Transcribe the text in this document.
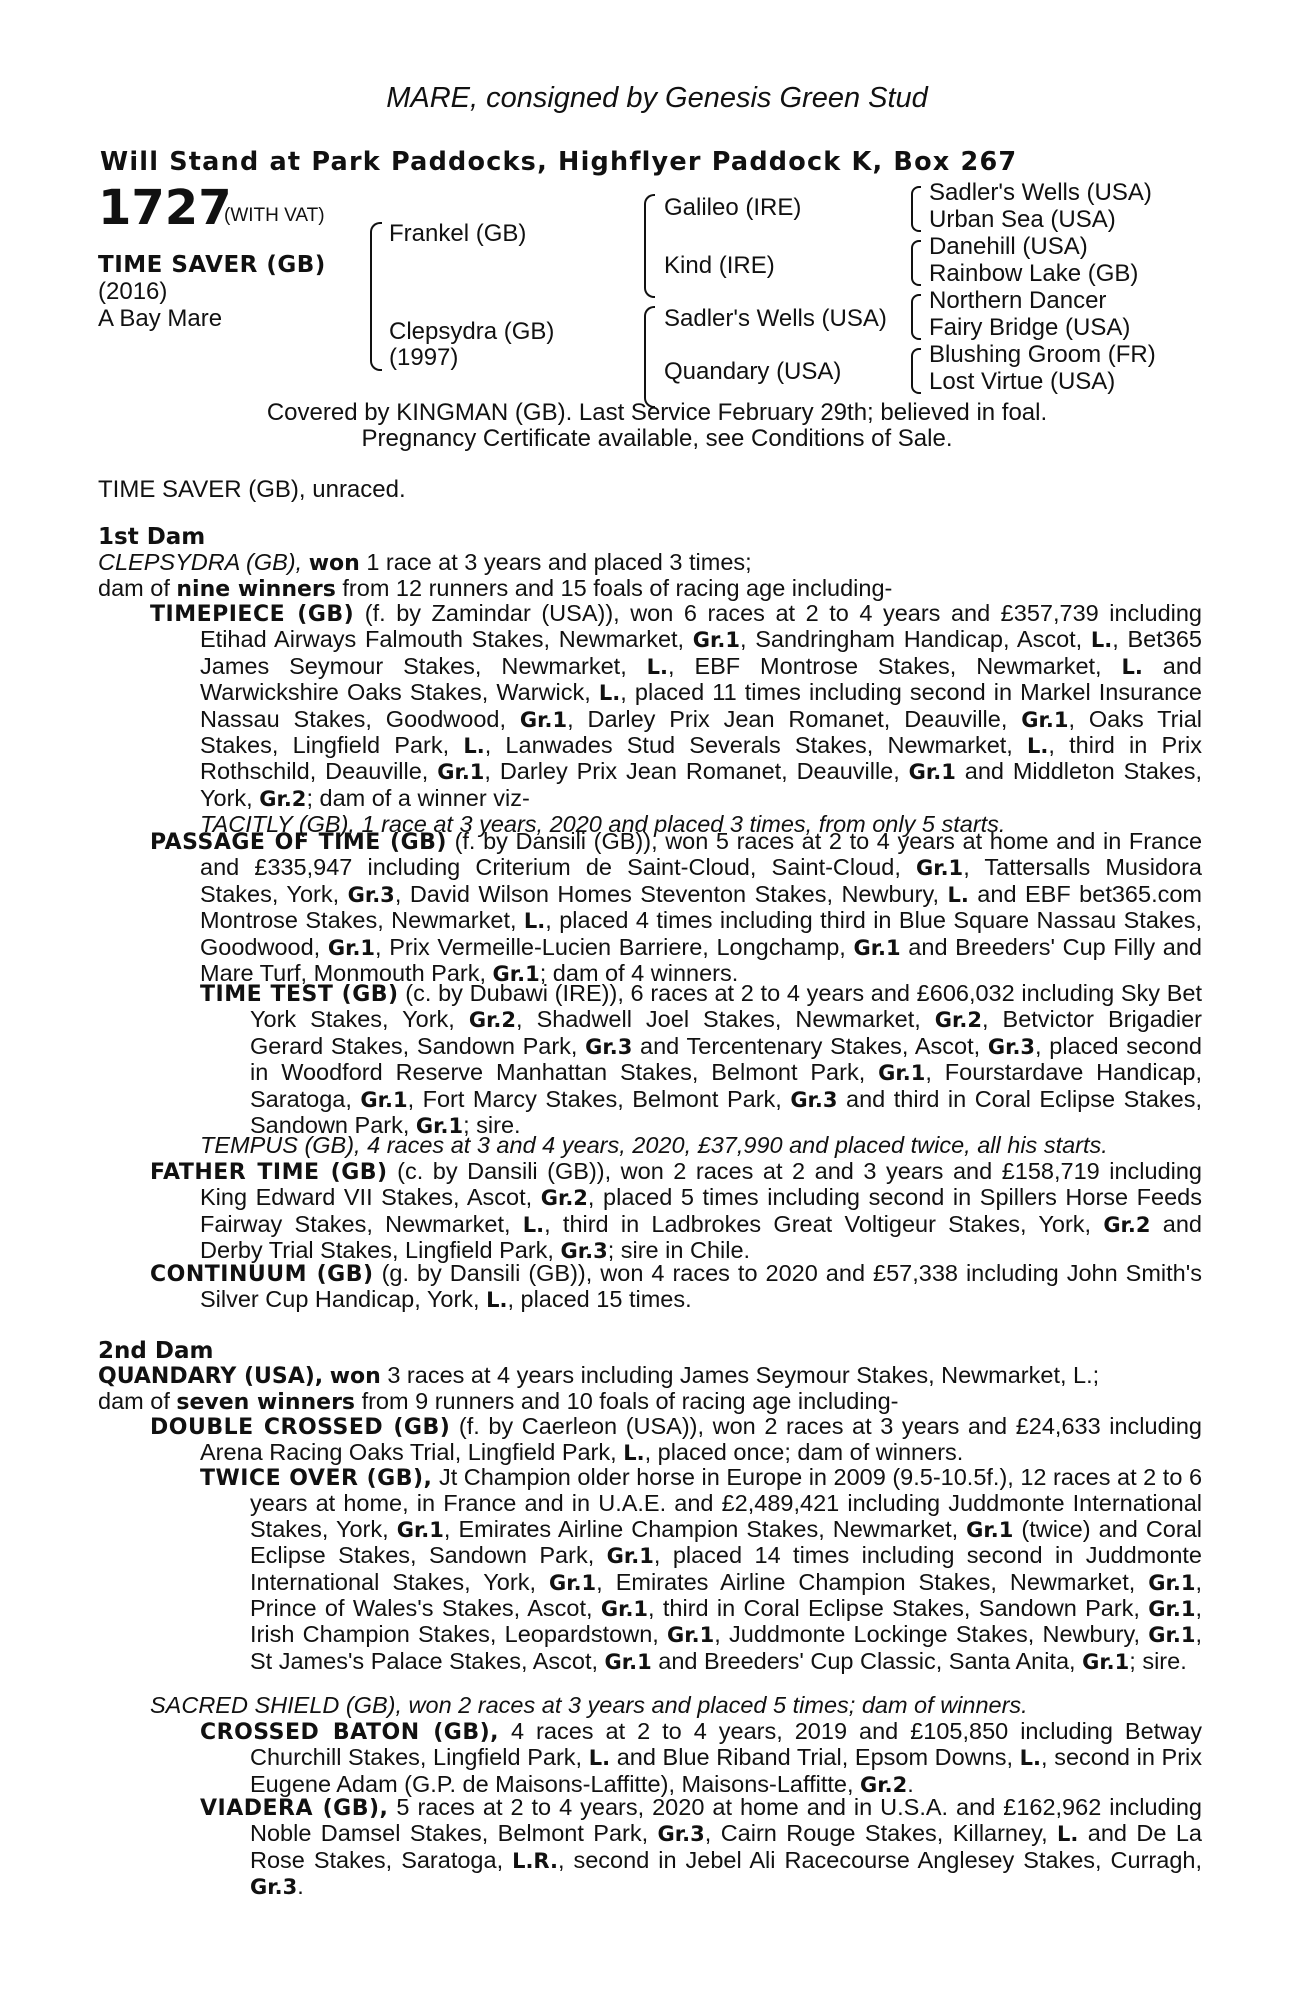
MARE, consigned by Genesis Green Stud
Will Stand at Park Paddocks, Highflyer Paddock K, Box 267
1727
(WITH VAT)
TIME SAVER (GB)
(2016)
A Bay Mare
Frankel (GB)
Clepsydra (GB)
(1997)
Galileo (IRE)
Kind (IRE)
Sadler's Wells (USA)
Quandary (USA)
Sadler's Wells (USA)
Urban Sea (USA)
Danehill (USA)
Rainbow Lake (GB)
Northern Dancer
Fairy Bridge (USA)
Blushing Groom (FR)
Lost Virtue (USA)
Covered by KINGMAN (GB). Last Service February 29th; believed in foal.
Pregnancy Certificate available, see Conditions of Sale.
TIME SAVER (GB), unraced.
1st Dam
CLEPSYDRA (GB), won 1 race at 3 years and placed 3 times;
dam of nine winners from 12 runners and 15 foals of racing age including-
TIMEPIECE (GB) (f. by Zamindar (USA)), won 6 races at 2 to 4 years and £357,739 including Etihad Airways Falmouth Stakes, Newmarket, Gr.1, Sandringham Handicap, Ascot, L., Bet365 James Seymour Stakes, Newmarket, L., EBF Montrose Stakes, Newmarket, L. and Warwickshire Oaks Stakes, Warwick, L., placed 11 times including second in Markel Insurance Nassau Stakes, Goodwood, Gr.1, Darley Prix Jean Romanet, Deauville, Gr.1, Oaks Trial Stakes, Lingfield Park, L., Lanwades Stud Severals Stakes, Newmarket, L., third in Prix Rothschild, Deauville, Gr.1, Darley Prix Jean Romanet, Deauville, Gr.1 and Middleton Stakes, York, Gr.2; dam of a winner viz-
TACITLY (GB), 1 race at 3 years, 2020 and placed 3 times, from only 5 starts.
PASSAGE OF TIME (GB) (f. by Dansili (GB)), won 5 races at 2 to 4 years at home and in France and £335,947 including Criterium de Saint-Cloud, Saint-Cloud, Gr.1, Tattersalls Musidora Stakes, York, Gr.3, David Wilson Homes Steventon Stakes, Newbury, L. and EBF bet365.com Montrose Stakes, Newmarket, L., placed 4 times including third in Blue Square Nassau Stakes, Goodwood, Gr.1, Prix Vermeille-Lucien Barriere, Longchamp, Gr.1 and Breeders' Cup Filly and Mare Turf, Monmouth Park, Gr.1; dam of 4 winners.
TIME TEST (GB) (c. by Dubawi (IRE)), 6 races at 2 to 4 years and £606,032 including Sky Bet York Stakes, York, Gr.2, Shadwell Joel Stakes, Newmarket, Gr.2, Betvictor Brigadier Gerard Stakes, Sandown Park, Gr.3 and Tercentenary Stakes, Ascot, Gr.3, placed second in Woodford Reserve Manhattan Stakes, Belmont Park, Gr.1, Fourstardave Handicap, Saratoga, Gr.1, Fort Marcy Stakes, Belmont Park, Gr.3 and third in Coral Eclipse Stakes, Sandown Park, Gr.1; sire.
TEMPUS (GB), 4 races at 3 and 4 years, 2020, £37,990 and placed twice, all his starts.
FATHER TIME (GB) (c. by Dansili (GB)), won 2 races at 2 and 3 years and £158,719 including King Edward VII Stakes, Ascot, Gr.2, placed 5 times including second in Spillers Horse Feeds Fairway Stakes, Newmarket, L., third in Ladbrokes Great Voltigeur Stakes, York, Gr.2 and Derby Trial Stakes, Lingfield Park, Gr.3; sire in Chile.
CONTINUUM (GB) (g. by Dansili (GB)), won 4 races to 2020 and £57,338 including John Smith's Silver Cup Handicap, York, L., placed 15 times.
2nd Dam
QUANDARY (USA), won 3 races at 4 years including James Seymour Stakes, Newmarket, L.;
dam of seven winners from 9 runners and 10 foals of racing age including-
DOUBLE CROSSED (GB) (f. by Caerleon (USA)), won 2 races at 3 years and £24,633 including Arena Racing Oaks Trial, Lingfield Park, L., placed once; dam of winners.
TWICE OVER (GB), Jt Champion older horse in Europe in 2009 (9.5-10.5f.), 12 races at 2 to 6 years at home, in France and in U.A.E. and £2,489,421 including Juddmonte International Stakes, York, Gr.1, Emirates Airline Champion Stakes, Newmarket, Gr.1 (twice) and Coral Eclipse Stakes, Sandown Park, Gr.1, placed 14 times including second in Juddmonte International Stakes, York, Gr.1, Emirates Airline Champion Stakes, Newmarket, Gr.1, Prince of Wales's Stakes, Ascot, Gr.1, third in Coral Eclipse Stakes, Sandown Park, Gr.1, Irish Champion Stakes, Leopardstown, Gr.1, Juddmonte Lockinge Stakes, Newbury, Gr.1, St James's Palace Stakes, Ascot, Gr.1 and Breeders' Cup Classic, Santa Anita, Gr.1; sire.
SACRED SHIELD (GB), won 2 races at 3 years and placed 5 times; dam of winners.
CROSSED BATON (GB), 4 races at 2 to 4 years, 2019 and £105,850 including Betway Churchill Stakes, Lingfield Park, L. and Blue Riband Trial, Epsom Downs, L., second in Prix Eugene Adam (G.P. de Maisons-Laffitte), Maisons-Laffitte, Gr.2.
VIADERA (GB), 5 races at 2 to 4 years, 2020 at home and in U.S.A. and £162,962 including Noble Damsel Stakes, Belmont Park, Gr.3, Cairn Rouge Stakes, Killarney, L. and De La Rose Stakes, Saratoga, L.R., second in Jebel Ali Racecourse Anglesey Stakes, Curragh, Gr.3.
